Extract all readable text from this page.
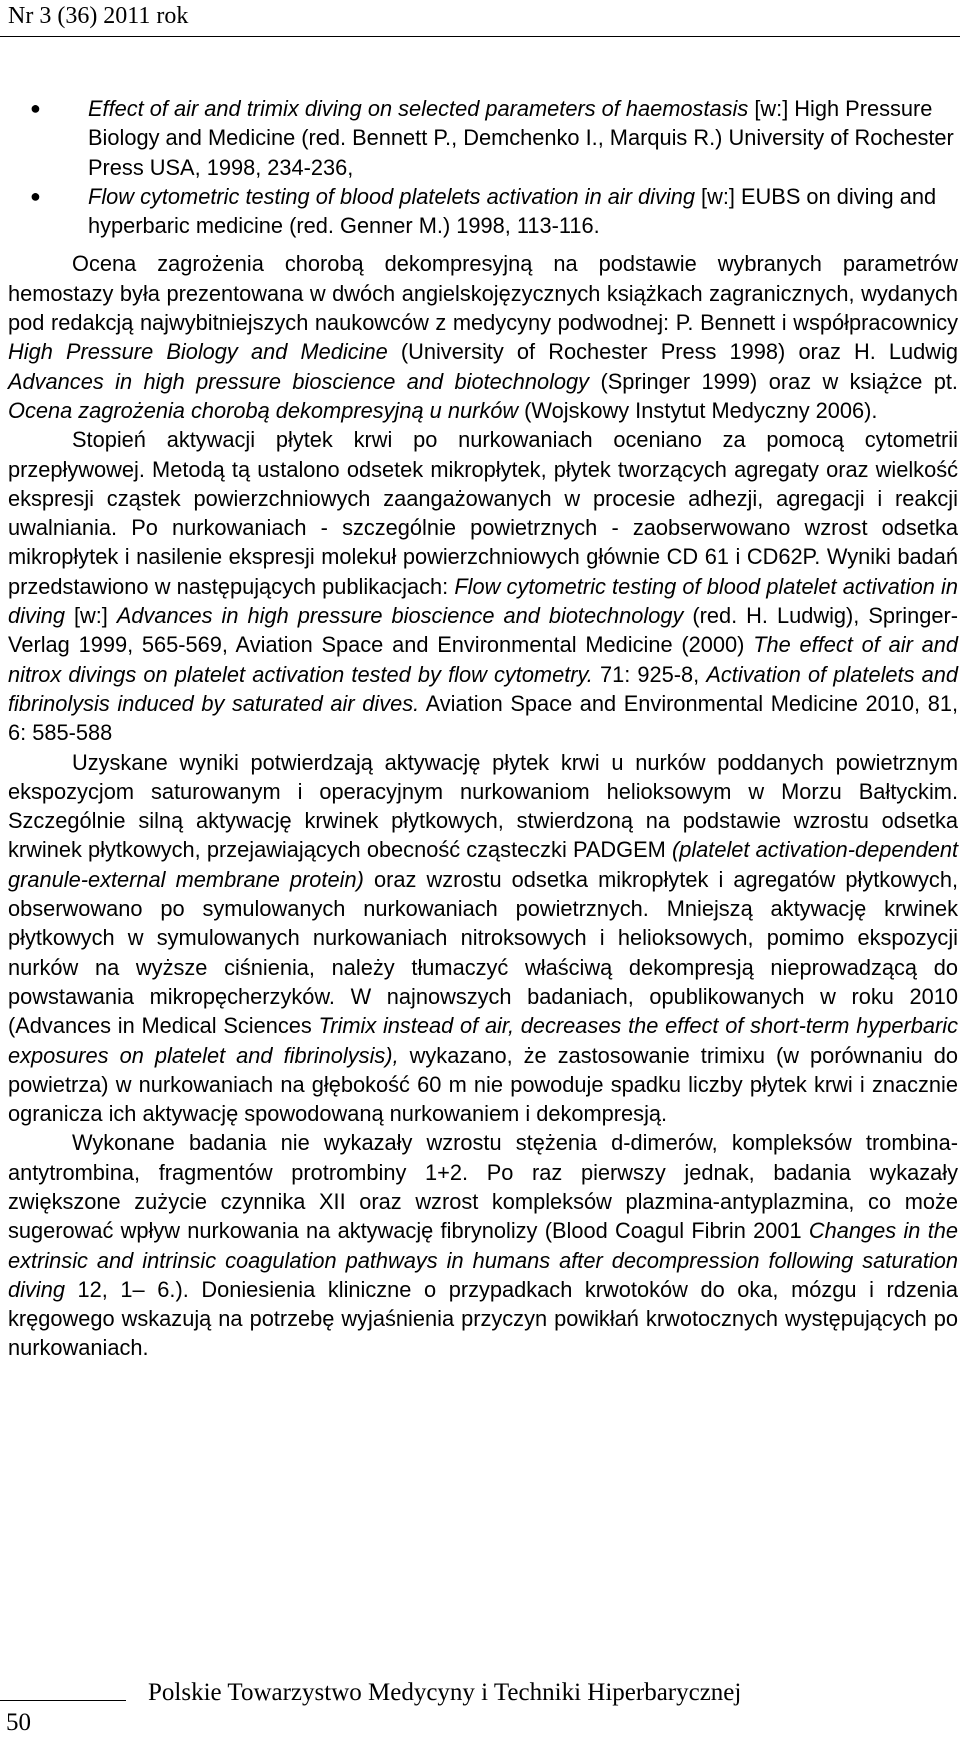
Nr 3 (36) 2011 rok
● Effect of air and trimix diving on selected parameters of haemostasis [w:] High Pressure Biology and Medicine (red. Bennett P., Demchenko I., Marquis R.) University of Rochester Press USA, 1998, 234-236,
● Flow cytometric testing of blood platelets activation in air diving [w:] EUBS on diving and hyperbaric medicine (red. Genner M.) 1998, 113-116.

Ocena zagrożenia chorobą dekompresyjną na podstawie wybranych parametrów hemostazy była prezentowana w dwóch angielskojęzycznych książkach zagranicznych, wydanych pod redakcją najwybitniejszych naukowców z medycyny podwodnej: P. Bennett i współpracownicy High Pressure Biology and Medicine (University of Rochester Press 1998) oraz H. Ludwig Advances in high pressure bioscience and biotechnology (Springer 1999) oraz w książce pt. Ocena zagrożenia chorobą dekompresyjną u nurków (Wojskowy Instytut Medyczny 2006).

Stopień aktywacji płytek krwi po nurkowaniach oceniano za pomocą cytometrii przepływowej. Metodą tą ustalono odsetek mikropłytek, płytek tworzących agregaty oraz wielkość ekspresji cząstek powierzchniowych zaangażowanych w procesie adhezji, agregacji i reakcji uwalniania. Po nurkowaniach - szczególnie powietrznych - zaobserwowano wzrost odsetka mikropłytek i nasilenie ekspresji molekuł powierzchniowych głównie CD 61 i CD62P. Wyniki badań przedstawiono w następujących publikacjach: Flow cytometric testing of blood platelet activation in diving [w:] Advances in high pressure bioscience and biotechnology (red. H. Ludwig), Springer-Verlag 1999, 565-569, Aviation Space and Environmental Medicine (2000) The effect of air and nitrox divings on platelet activation tested by flow cytometry. 71: 925-8, Activation of platelets and fibrinolysis induced by saturated air dives. Aviation Space and Environmental Medicine 2010, 81, 6: 585-588

Uzyskane wyniki potwierdzają aktywację płytek krwi u nurków poddanych powietrznym ekspozycjom saturowanym i operacyjnym nurkowaniom helioksowym w Morzu Bałtyckim. Szczególnie silną aktywację krwinek płytkowych, stwierdzoną na podstawie wzrostu odsetka krwinek płytkowych, przejawiających obecność cząsteczki PADGEM (platelet activation-dependent granule-external membrane protein) oraz wzrostu odsetka mikropłytek i agregatów płytkowych, obserwowano po symulowanych nurkowaniach powietrznych. Mniejszą aktywację krwinek płytkowych w symulowanych nurkowaniach nitroksowych i helioksowych, pomimo ekspozycji nurków na wyższe ciśnienia, należy tłumaczyć właściwą dekompresją nieprowadzącą do powstawania mikropęcherzyków. W najnowszych badaniach, opublikowanych w roku 2010 (Advances in Medical Sciences Trimix instead of air, decreases the effect of short-term hyperbaric exposures on platelet and fibrinolysis), wykazano, że zastosowanie trimixu (w porównaniu do powietrza) w nurkowaniach na głębokość 60 m nie powoduje spadku liczby płytek krwi i znacznie ogranicza ich aktywację spowodowaną nurkowaniem i dekompresją.

Wykonane badania nie wykazały wzrostu stężenia d-dimerów, kompleksów trombina-antytrombina, fragmentów protrombiny 1+2. Po raz pierwszy jednak, badania wykazały zwiększone zużycie czynnika XII oraz wzrost kompleksów plazmina-antyplazmina, co może sugerować wpływ nurkowania na aktywację fibrynolizy (Blood Coagul Fibrin 2001 Changes in the extrinsic and intrinsic coagulation pathways in humans after decompression following saturation diving 12, 1– 6.). Doniesienia kliniczne o przypadkach krwotoków do oka, mózgu i rdzenia kręgowego wskazują na potrzebę wyjaśnienia przyczyn powikłań krwotocznych występujących po nurkowaniach.

50
Polskie Towarzystwo Medycyny i Techniki Hiperbarycznej
